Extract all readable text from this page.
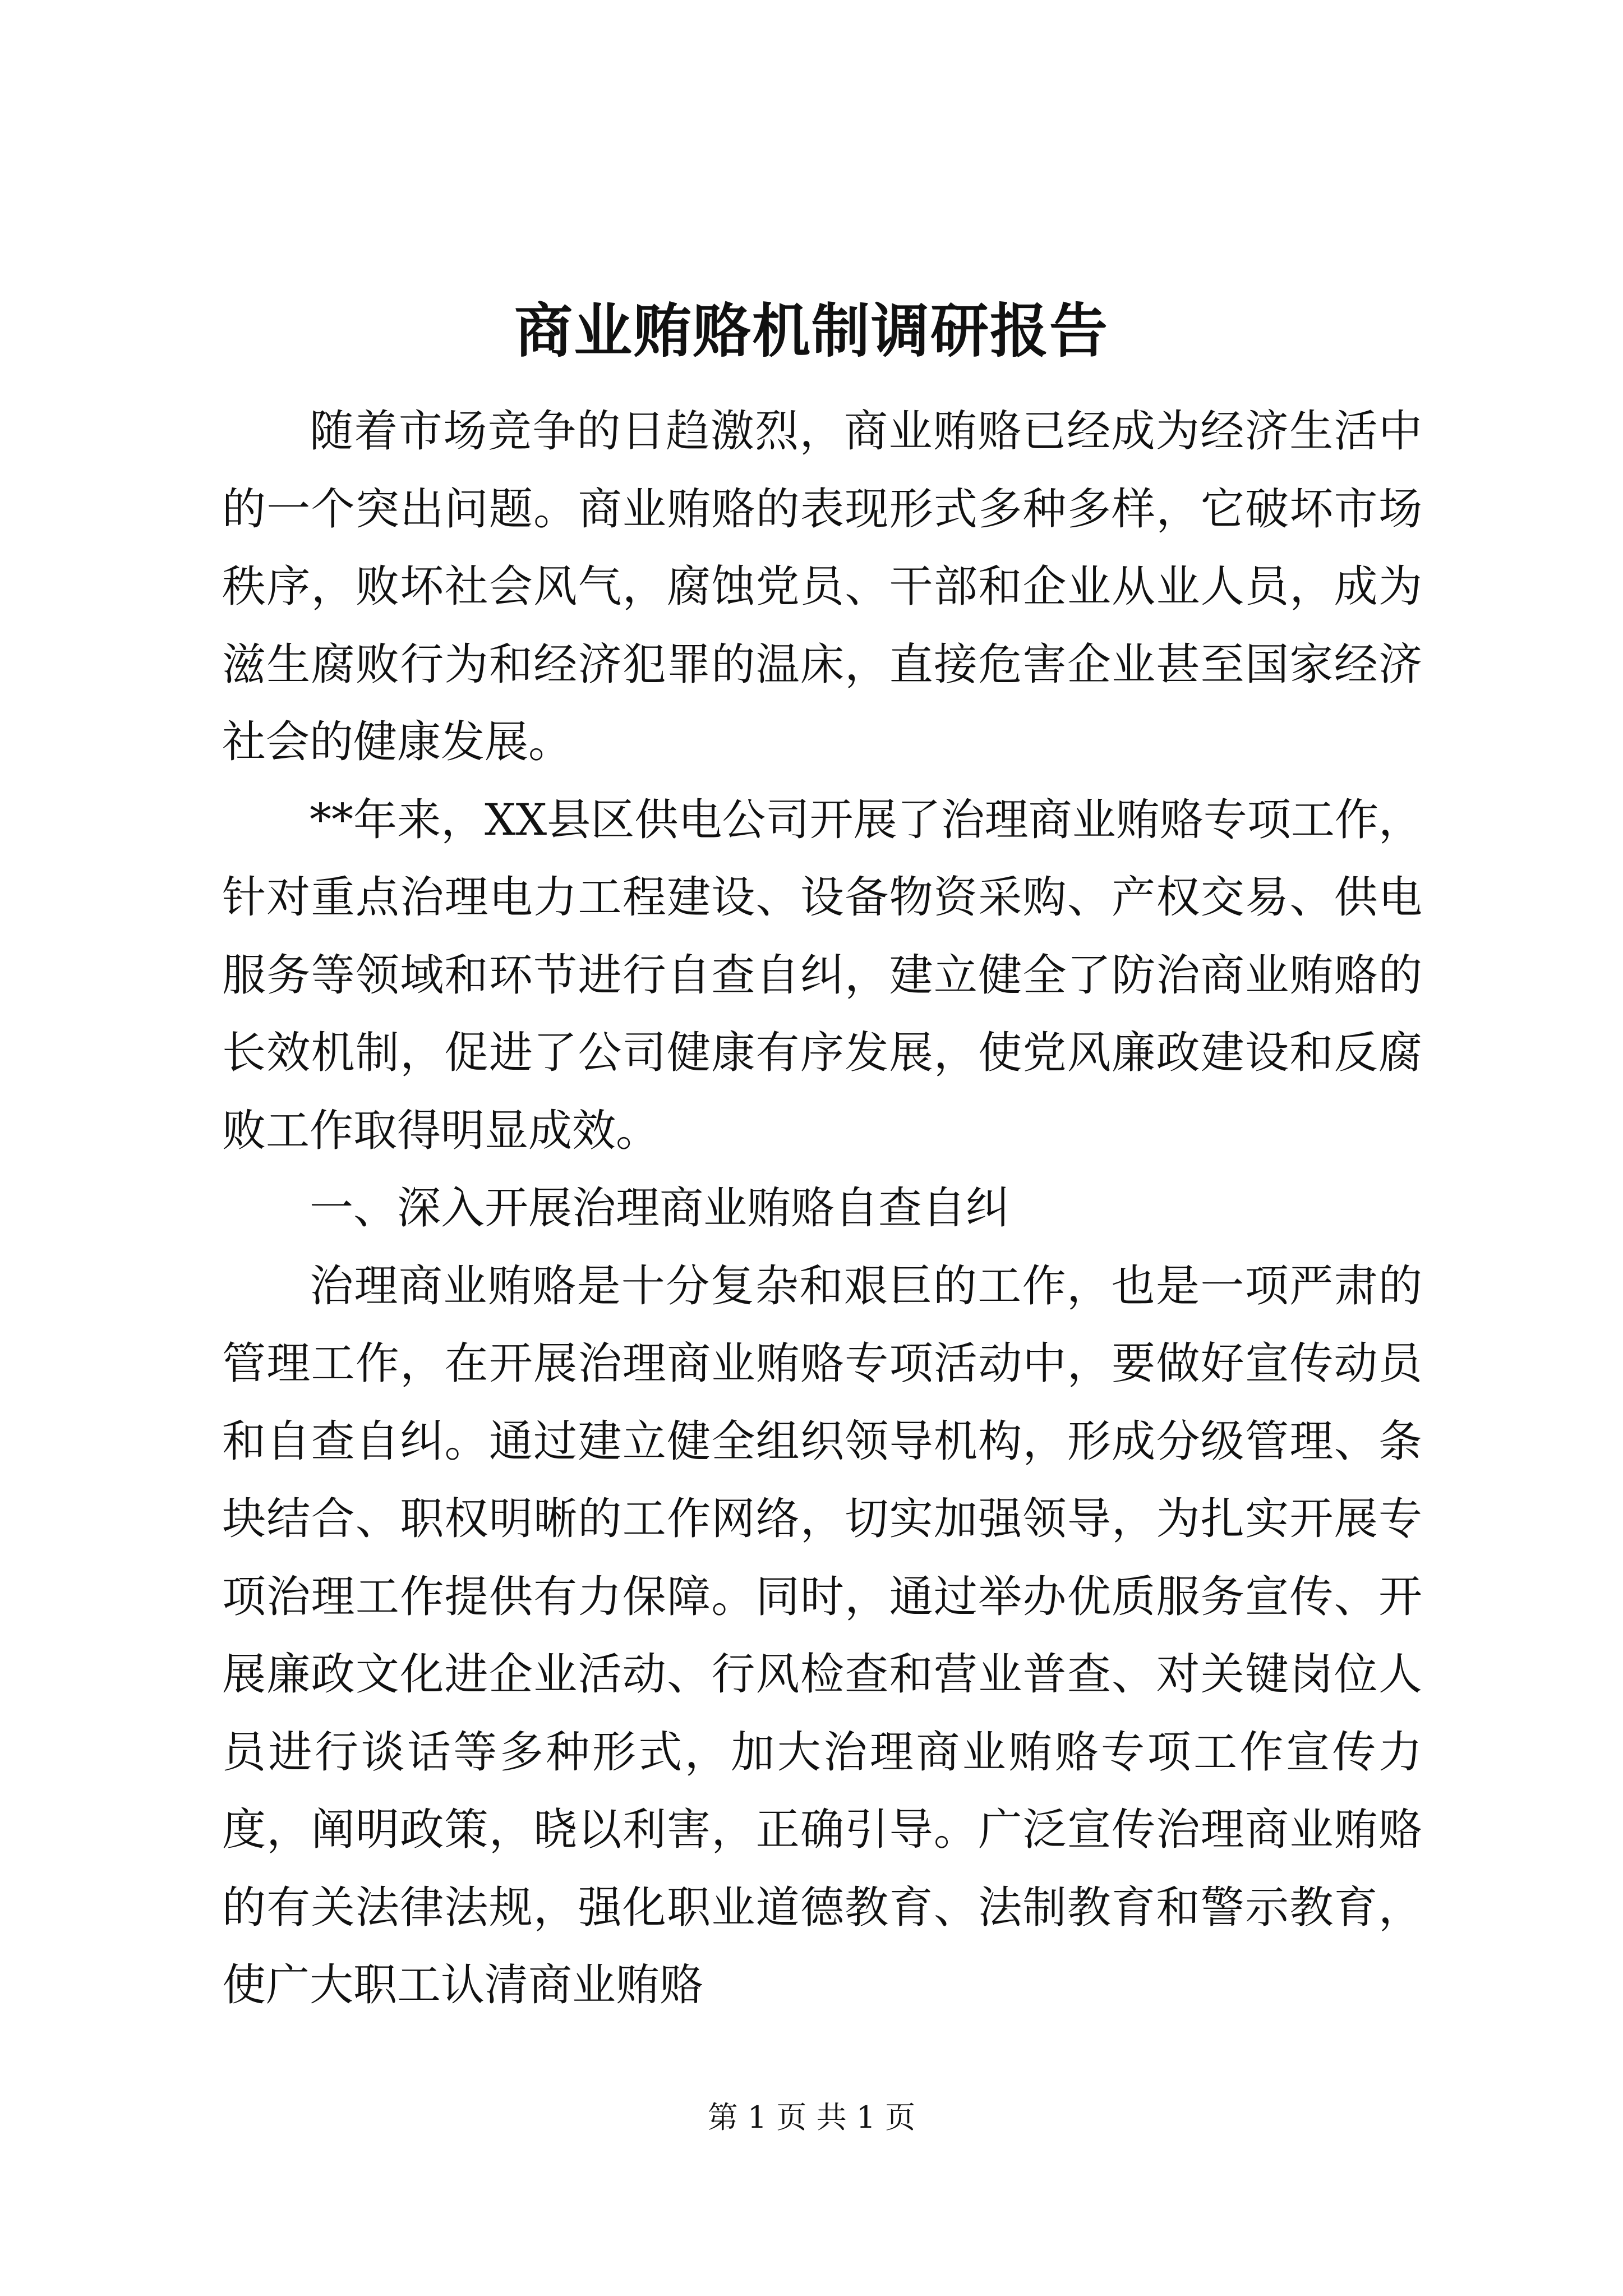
商业贿赂机制调研报告

随着市场竞争的日趋激烈，商业贿赂已经成为经济生活中的一个突出问题。商业贿赂的表现形式多种多样，它破坏市场秩序，败坏社会风气，腐蚀党员、干部和企业从业人员，成为滋生腐败行为和经济犯罪的温床，直接危害企业甚至国家经济社会的健康发展。

**年来，XX县区供电公司开展了治理商业贿赂专项工作，针对重点治理电力工程建设、设备物资采购、产权交易、供电服务等领域和环节进行自查自纠，建立健全了防治商业贿赂的长效机制，促进了公司健康有序发展，使党风廉政建设和反腐败工作取得明显成效。

一、深入开展治理商业贿赂自查自纠

治理商业贿赂是十分复杂和艰巨的工作，也是一项严肃的管理工作，在开展治理商业贿赂专项活动中，要做好宣传动员和自查自纠。通过建立健全组织领导机构，形成分级管理、条块结合、职权明晰的工作网络，切实加强领导，为扎实开展专项治理工作提供有力保障。同时，通过举办优质服务宣传、开展廉政文化进企业活动、行风检查和营业普查、对关键岗位人员进行谈话等多种形式，加大治理商业贿赂专项工作宣传力度，阐明政策，晓以利害，正确引导。广泛宣传治理商业贿赂的有关法律法规，强化职业道德教育、法制教育和警示教育，使广大职工认清商业贿赂

第 1 页 共 1 页
